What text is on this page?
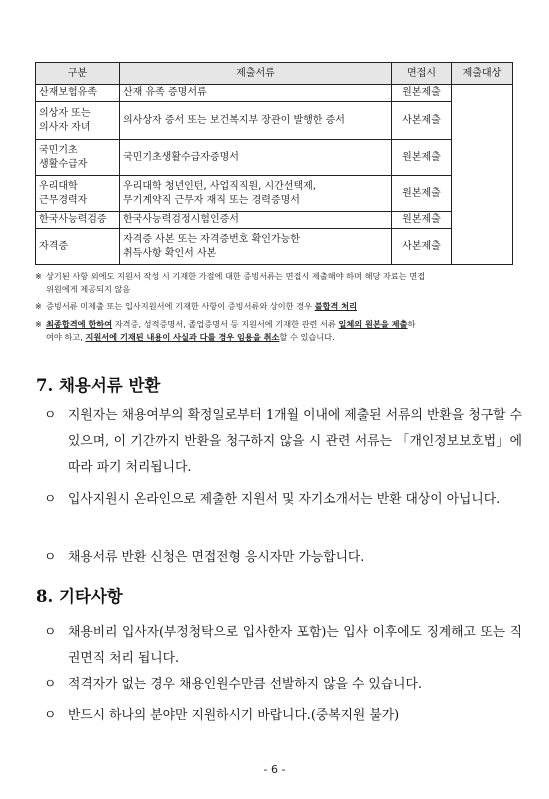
구분	제출서류	면접시	제출대상
산재보험유족	산재 유족 증명서류	원본제출	
의상자 또는
의사자 자녀	의사상자 증서 또는 보건복지부 장관이 발행한 증서	사본제출	
국민기초
생활수급자	국민기초생활수급자증명서	원본제출	
우리대학
근무경력자	우리대학 청년인턴, 사업직직원, 시간선택제,
무기계약직 근무자 재직 또는 경력증명서	원본제출	
한국사능력검증	한국사능력검정시험인증서	원본제출	
자격증	자격증 사본 또는 자격증번호 확인가능한
취득사항 확인서 사본	사본제출	

※ 상기된 사항 외에도 지원서 작성 시 기재한 가점에 대한 증빙서류는 면접시 제출해야 하며 해당 자료는 면접
위원에게 제공되지 않음

※ 증빙서류 미제출 또는 입사지원서에 기재한 사항이 증빙서류와 상이한 경우 불합격 처리

※ 최종합격에 한하여 자격증, 성적증명서, 졸업증명서 등 지원서에 기재한 관련 서류 일체의 원본을 제출하
여야 하고, 지원서에 기재된 내용이 사실과 다를 경우 임용을 취소할 수 있습니다.

7. 채용서류 반환
ㅇ 지원자는 채용여부의 확정일로부터 1개월 이내에 제출된 서류의 반환을 청구할 수 있으며, 이 기간까지 반환을 청구하지 않을 시 관련 서류는 「개인정보보호법」에 따라 파기 처리됩니다.
ㅇ 입사지원시 온라인으로 제출한 지원서 및 자기소개서는 반환 대상이 아닙니다.
ㅇ 채용서류 반환 신청은 면접전형 응시자만 가능합니다.
8. 기타사항
ㅇ 채용비리 입사자(부정청탁으로 입사한자 포함)는 입사 이후에도 징계해고 또는 직권면직 처리 됩니다.
ㅇ 적격자가 없는 경우 채용인원수만큼 선발하지 않을 수 있습니다.
ㅇ 반드시 하나의 분야만 지원하시기 바랍니다.(중복지원 불가)
- 6 -
